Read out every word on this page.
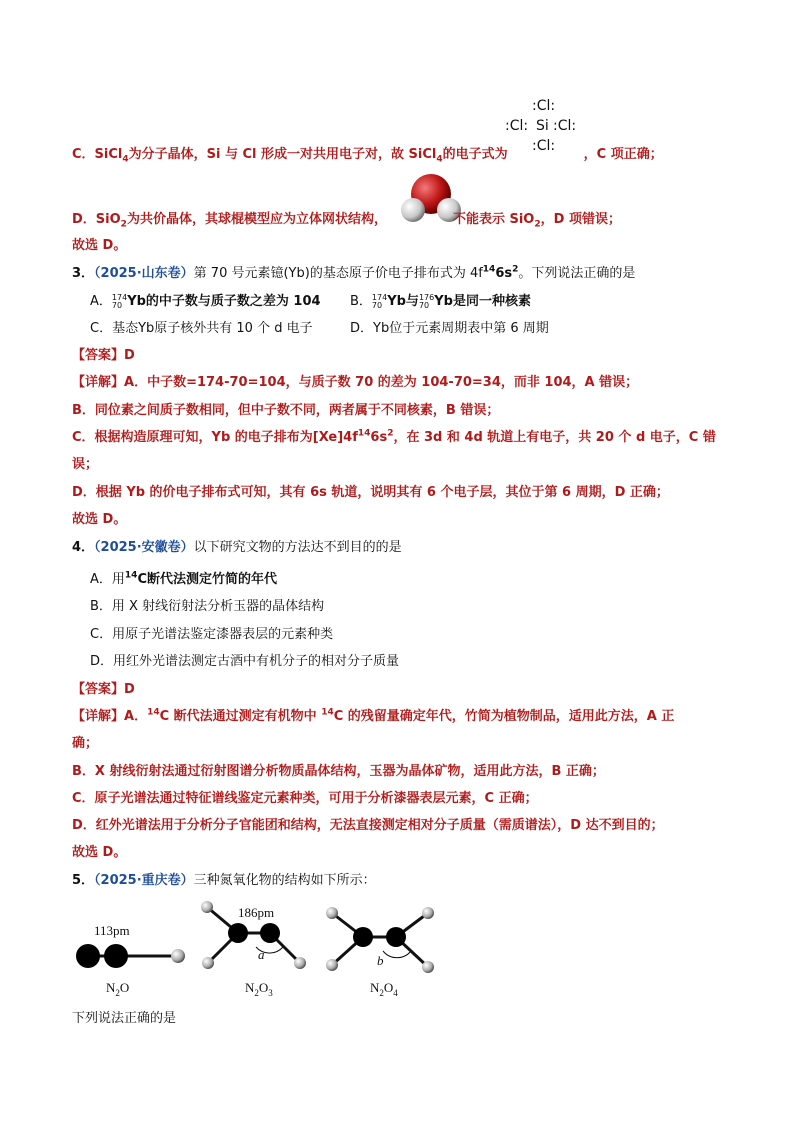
:Cl:
:Cl: Si :Cl:
:Cl:
C．SiCl$_4$为分子晶体，Si 与 Cl 形成一对共用电子对，故 SiCl$_4$的电子式为	，C 项正确；
D．SiO$_2$为共价晶体，其球棍模型应为立体网状结构，	不能表示 SiO$_2$，D 项错误；
故选 D。
3．（2025·山东卷）第 70 号元素镱(Yb)的基态原子价电子排布式为 $4f^{14}6s^2$。下列说法正确的是
A． 174
70 Yb的中子数与质子数之差为 104 B． 174
70 Yb与 176
70 Yb是同一种核素
C．基态Yb原子核外共有 10 个 d 电子	D．Yb位于元素周期表中第 6 周期
【答案】D
【详解】A．中子数=174-70=104，与质子数 70 的差为 104-70=34，而非 104，A 错误；
B．同位素之间质子数相同，但中子数不同，两者属于不同核素，B 错误；
C．根据构造原理可知，Yb 的电子排布为$[Xe]4f^{14}6s^2$，在 3d 和 4d 轨道上有电子，共 20 个 d 电子，C 错
误；
D．根据 Yb 的价电子排布式可知，其有 6s 轨道，说明其有 6 个电子层，其位于第 6 周期，D 正确；
故选 D。
4．（2025·安徽卷）以下研究文物的方法达不到目的的是
A．用$^{14}$C断代法测定竹简的年代
B．用 X 射线衍射法分析玉器的晶体结构
C．用原子光谱法鉴定漆器表层的元素种类
D．用红外光谱法测定古酒中有机分子的相对分子质量
【答案】D
【详解】A．$^{14}$C 断代法通过测定有机物中 $^{14}$C 的残留量确定年代，竹简为植物制品，适用此方法，A 正
确；
B．X 射线衍射法通过衍射图谱分析物质晶体结构，玉器为晶体矿物，适用此方法，B 正确；
C．原子光谱法通过特征谱线鉴定元素种类，可用于分析漆器表层元素，C 正确；
D．红外光谱法用于分析分子官能团和结构，无法直接测定相对分子质量（需质谱法），D 达不到目的；
故选 D。
5．（2025·重庆卷）三种氮氧化物的结构如下所示：
113pm
$N_2O$
186pm
a
$N_2O_3$
b
$N_2O_4$
下列说法正确的是
